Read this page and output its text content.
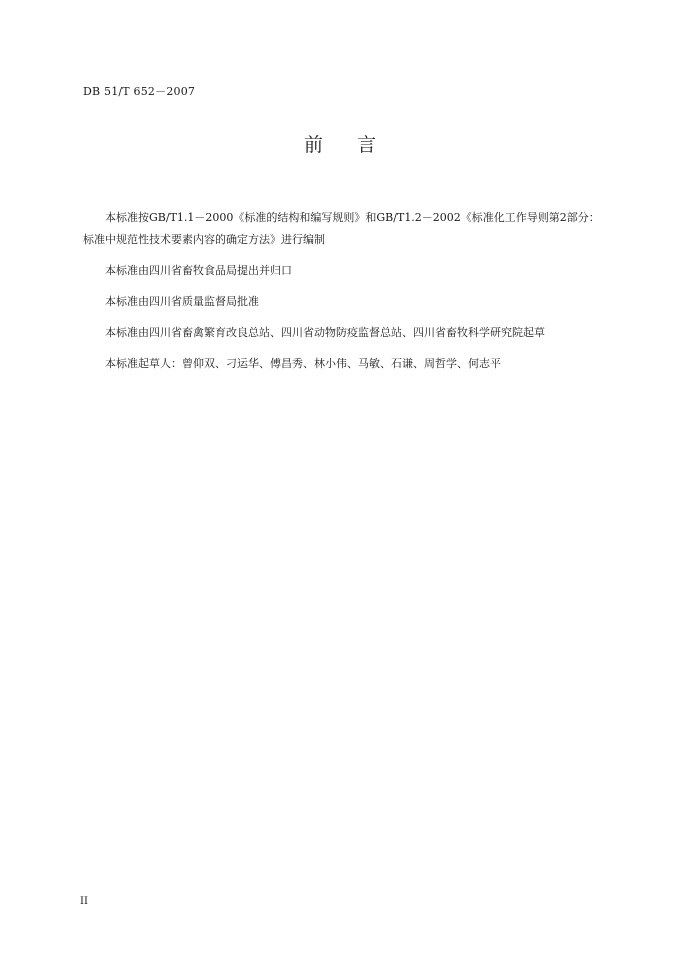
DB 51/T 652－2007
前 言

本标准按GB/T1.1－2000《标准的结构和编写规则》和GB/T1.2－2002《标准化工作导则第2部分：标准中规范性技术要素内容的确定方法》进行编制

本标准由四川省畜牧食品局提出并归口

本标准由四川省质量监督局批准

本标准由四川省畜禽繁育改良总站、四川省动物防疫监督总站、四川省畜牧科学研究院起草

本标准起草人：曾仰双、刁运华、傅昌秀、林小伟、马敏、石谦、周哲学、何志平

II
